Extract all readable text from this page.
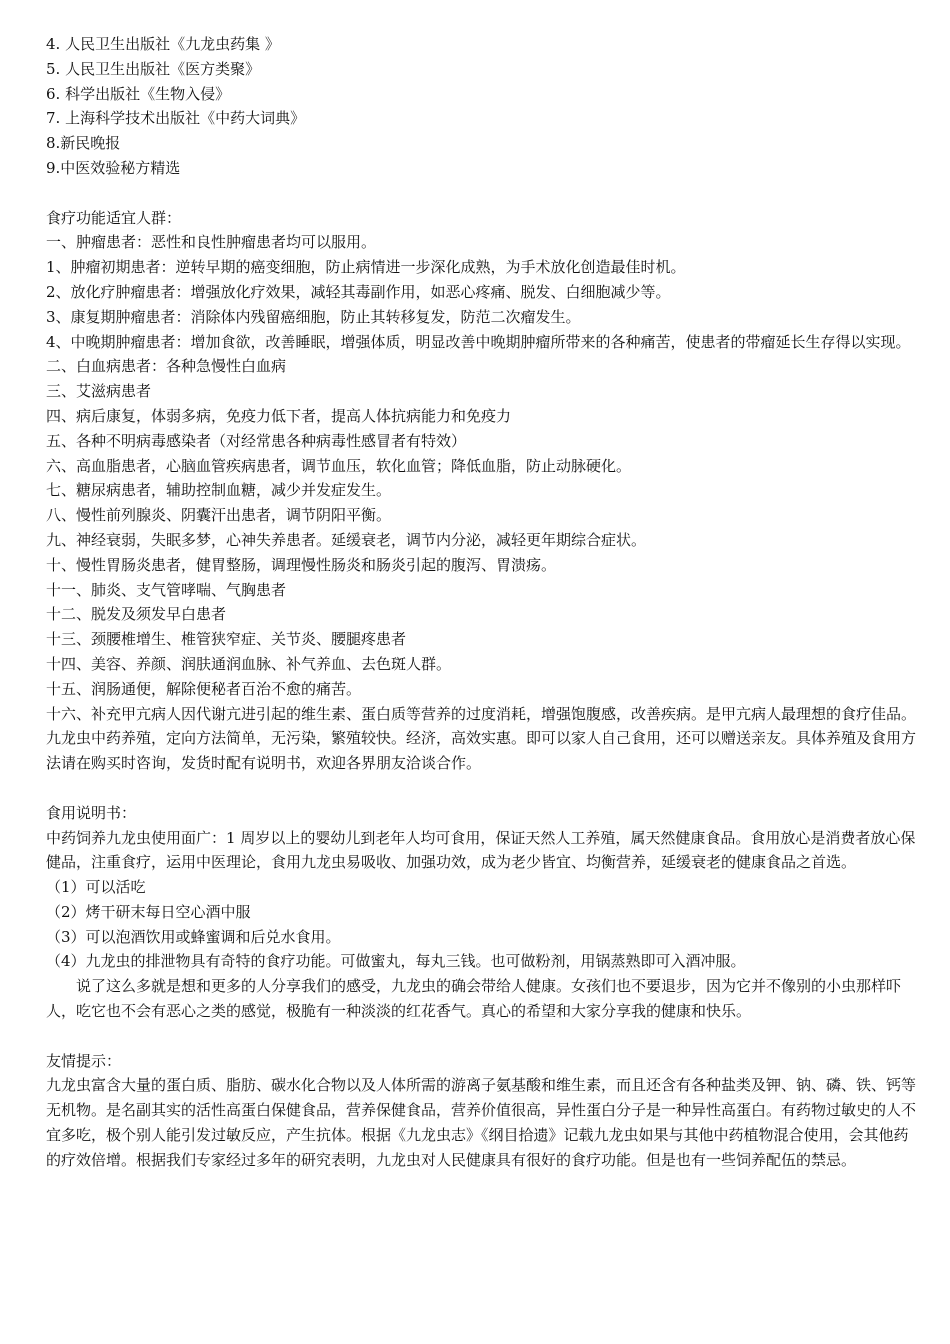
4. 人民卫生出版社《九龙虫药集 》

5. 人民卫生出版社《医方类聚》

6. 科学出版社《生物入侵》

7. 上海科学技术出版社《中药大词典》

8.新民晚报

9.中医效验秘方精选

食疗功能适宜人群：

一、肿瘤患者：恶性和良性肿瘤患者均可以服用。

1、肿瘤初期患者：逆转早期的癌变细胞，防止病情进一步深化成熟，为手术放化创造最佳时机。

2、放化疗肿瘤患者：增强放化疗效果，减轻其毒副作用，如恶心疼痛、脱发、白细胞减少等。

3、康复期肿瘤患者：消除体内残留癌细胞，防止其转移复发，防范二次瘤发生。

4、中晚期肿瘤患者：增加食欲，改善睡眠，增强体质，明显改善中晚期肿瘤所带来的各种痛苦，使患者的带瘤延长生存得以实现。

二、白血病患者：各种急慢性白血病

三、艾滋病患者

四、病后康复，体弱多病，免疫力低下者，提高人体抗病能力和免疫力

五、各种不明病毒感染者（对经常患各种病毒性感冒者有特效）

六、高血脂患者，心脑血管疾病患者，调节血压，软化血管；降低血脂，防止动脉硬化。

七、糖尿病患者，辅助控制血糖，减少并发症发生。

八、慢性前列腺炎、阴囊汗出患者，调节阴阳平衡。

九、神经衰弱，失眠多梦，心神失养患者。延缓衰老，调节内分泌，减轻更年期综合症状。

十、慢性胃肠炎患者，健胃整肠，调理慢性肠炎和肠炎引起的腹泻、胃溃疡。

十一、肺炎、支气管哮喘、气胸患者

十二、脱发及须发早白患者

十三、颈腰椎增生、椎管狭窄症、关节炎、腰腿疼患者

十四、美容、养颜、润肤通润血脉、补气养血、去色斑人群。

十五、润肠通便，解除便秘者百治不愈的痛苦。

十六、补充甲亢病人因代谢亢进引起的维生素、蛋白质等营养的过度消耗，增强饱腹感，改善疾病。是甲亢病人最理想的食疗佳品。

九龙虫中药养殖，定向方法简单，无污染，繁殖较快。经济，高效实惠。即可以家人自己食用，还可以赠送亲友。具体养殖及食用方法请在购买时咨询，发货时配有说明书，欢迎各界朋友洽谈合作。

食用说明书：

中药饲养九龙虫使用面广：1 周岁以上的婴幼儿到老年人均可食用，保证天然人工养殖，属天然健康食品。食用放心是消费者放心保健品，注重食疗，运用中医理论，食用九龙虫易吸收、加强功效，成为老少皆宜、均衡营养，延缓衰老的健康食品之首选。

（1）可以活吃

（2）烤干研末每日空心酒中服

（3）可以泡酒饮用或蜂蜜调和后兑水食用。

（4）九龙虫的排泄物具有奇特的食疗功能。可做蜜丸，每丸三钱。也可做粉剂，用锅蒸熟即可入酒冲服。

说了这么多就是想和更多的人分享我们的感受，九龙虫的确会带给人健康。女孩们也不要退步，因为它并不像别的小虫那样吓人，吃它也不会有恶心之类的感觉，极脆有一种淡淡的红花香气。真心的希望和大家分享我的健康和快乐。

友情提示：

九龙虫富含大量的蛋白质、脂肪、碳水化合物以及人体所需的游离子氨基酸和维生素，而且还含有各种盐类及钾、钠、磷、铁、钙等无机物。是名副其实的活性高蛋白保健食品，营养保健食品，营养价值很高，异性蛋白分子是一种异性高蛋白。有药物过敏史的人不宜多吃，极个别人能引发过敏反应，产生抗体。根据《九龙虫志》《纲目拾遗》记载九龙虫如果与其他中药植物混合使用，会其他药的疗效倍增。根据我们专家经过多年的研究表明，九龙虫对人民健康具有很好的食疗功能。但是也有一些饲养配伍的禁忌。
